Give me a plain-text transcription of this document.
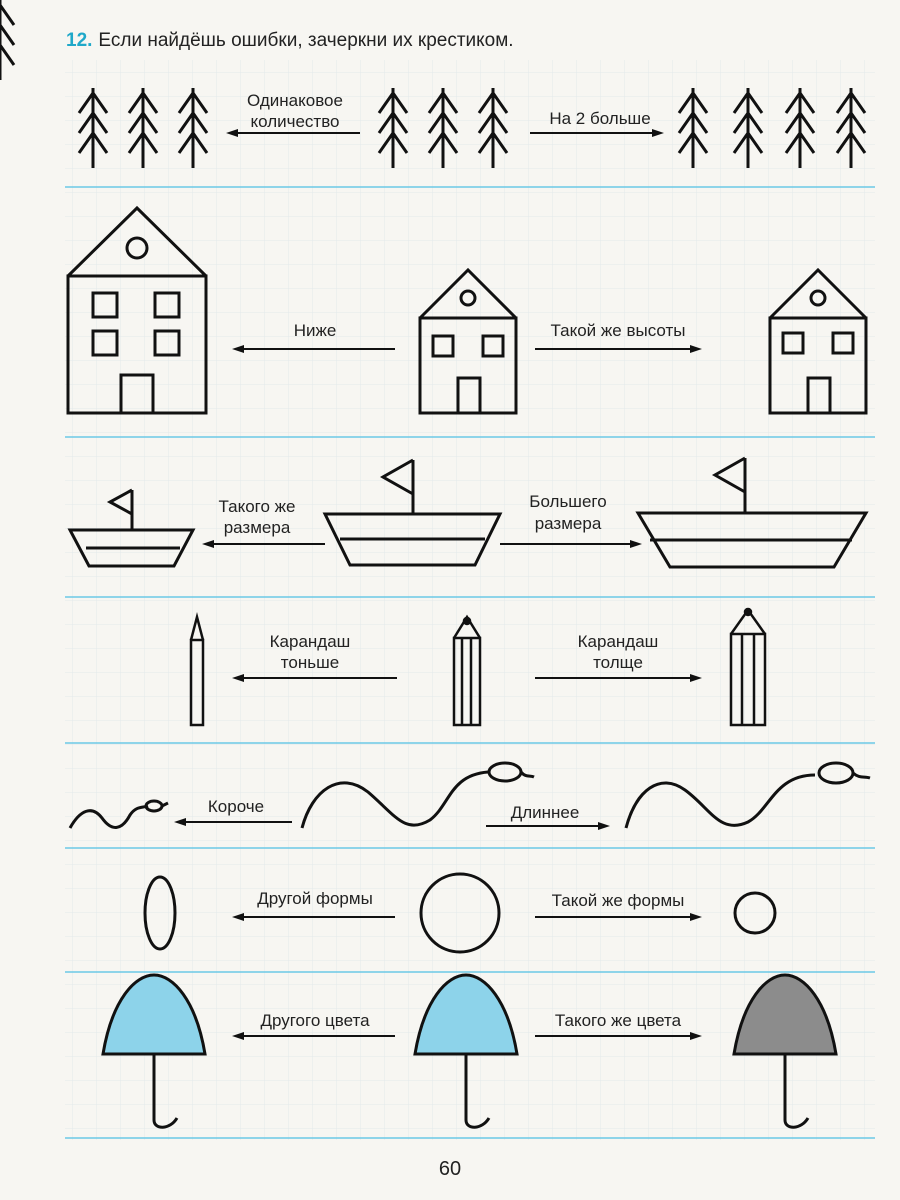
12. Если найдёшь ошибки, зачеркни их крестиком.
Одинаковое
количество	На 2 больше
Ниже	Такой же высоты
Такого же
размера
Большего
размера
Карандаш
тоньше
Карандаш
толще
Короче	Длиннее
Другой формы	Такой же формы
Другого цвета	Такого же цвета
60
